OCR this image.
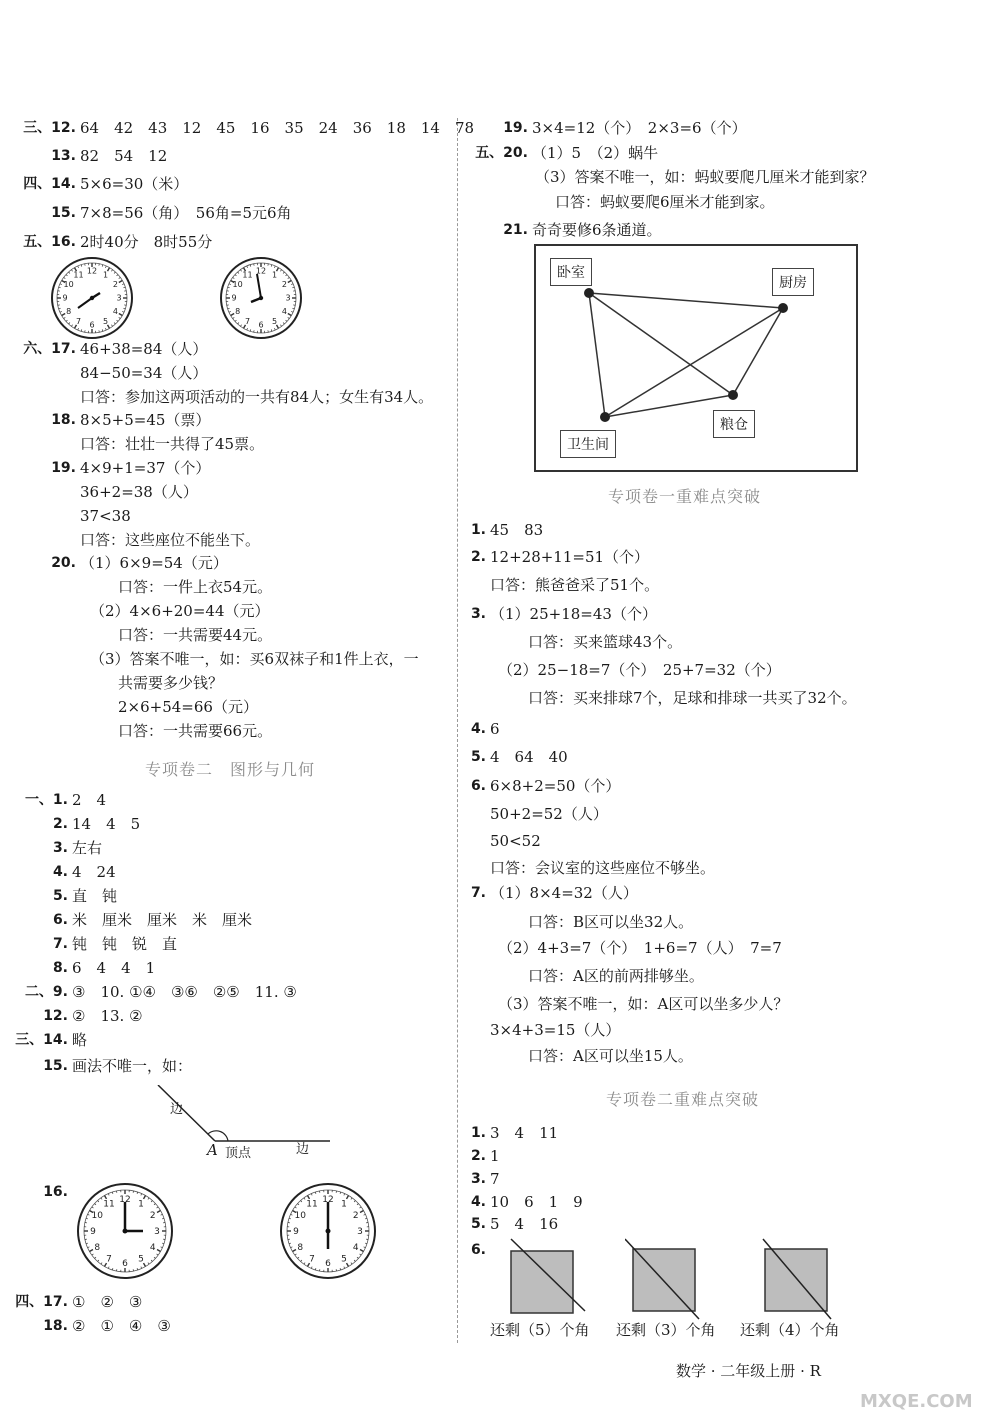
1
2
3
4
5
6
7
8
9
10
11 12	1
2
3
4
5
6
7
8
9
10
11 12
边
A 顶点	边
1
2
3
4
5
6
7
8
9
10
11 12	1
2
3
4
5
6
7
8
9
10
11 12
卧室
厨房
粮仓
卫生间
还剩（5）个角 还剩（3）个角 还剩（4）个角
数学 · 二年级上册 · R
MXQE.COM
三、12. 64　42　43　12　45　16　35　24　36　18　14　78
13. 82　54　12
四、14. 5×6=30（米）
15. 7×8=56（角）　56角=5元6角
五、16. 2时40分　8时55分
六、17. 46+38=84（人）
84−50=34（人）
口答：参加这两项活动的一共有84人；女生有34人。
18. 8×5+5=45（票）
口答：壮壮一共得了45票。
19. 4×9+1=37（个）
36+2=38（人）
37<38
口答：这些座位不能坐下。
20. （1）6×9=54（元）
口答：一件上衣54元。
（2）4×6+20=44（元）
口答：一共需要44元。
（3）答案不唯一，如：买6双袜子和1件上衣，一
共需要多少钱？
2×6+54=66（元）
口答：一共需要66元。
专项卷二　图形与几何
一、1. 2　4
2. 14　4　5
3. 左右
4. 4　24
5. 直　钝
6. 米　厘米　厘米　米　厘米
7. 钝　钝　锐　直
8. 6　4　4　1
二、9. ③　10. ①④　③⑥　②⑤　11. ③
12. ②　13. ②
三、14. 略
15. 画法不唯一，如：
16.
四、17. ①　②　③
18. ②　①　④　③
19. 3×4=12（个）　2×3=6（个）
五、20. （1）5　（2）蜗牛
（3）答案不唯一，如：蚂蚁要爬几厘米才能到家？
口答：蚂蚁要爬6厘米才能到家。
21. 奇奇要修6条通道。
专项卷一重难点突破
1. 45　83
2. 12+28+11=51（个）
口答：熊爸爸采了51个。
3. （1）25+18=43（个）
口答：买来篮球43个。
（2）25−18=7（个）　25+7=32（个）
口答：买来排球7个，足球和排球一共买了32个。
4. 6
5. 4　64　40
6. 6×8+2=50（个）
50+2=52（人）
50<52
口答：会议室的这些座位不够坐。
7. （1）8×4=32（人）
口答：B区可以坐32人。
（2）4+3=7（个）　1+6=7（人）　7=7
口答：A区的前两排够坐。
（3）答案不唯一，如：A区可以坐多少人？
3×4+3=15（人）
口答：A区可以坐15人。
专项卷二重难点突破
1. 3　4　11
2. 1
3. 7
4. 10　6　1　9
5. 5　4　16
6.
